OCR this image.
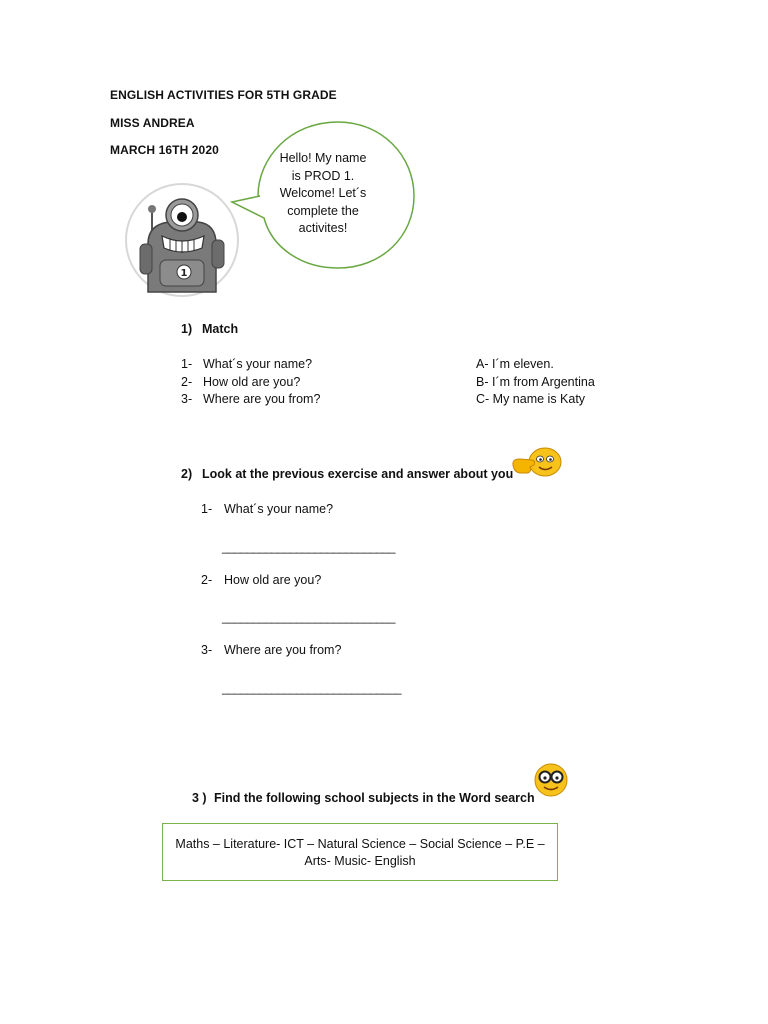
ENGLISH ACTIVITIES FOR 5TH GRADE
MISS ANDREA
MARCH 16TH 2020
1
Hello! My name
is PROD 1.
Welcome! Let´s
complete the
activites!
1) Match
1- What´s your name?
2- How old are you?
3- Where are you from?
A- I´m eleven.
B- I´m from Argentina
C- My name is Katy
2) Look at the previous exercise and answer about you
1- What´s your name?
____________________________
2- How old are you?
____________________________
3- Where are you from?
_____________________________
3 ) Find the following school subjects in the Word search
Maths – Literature- ICT – Natural Science – Social Science – P.E –
Arts- Music- English
